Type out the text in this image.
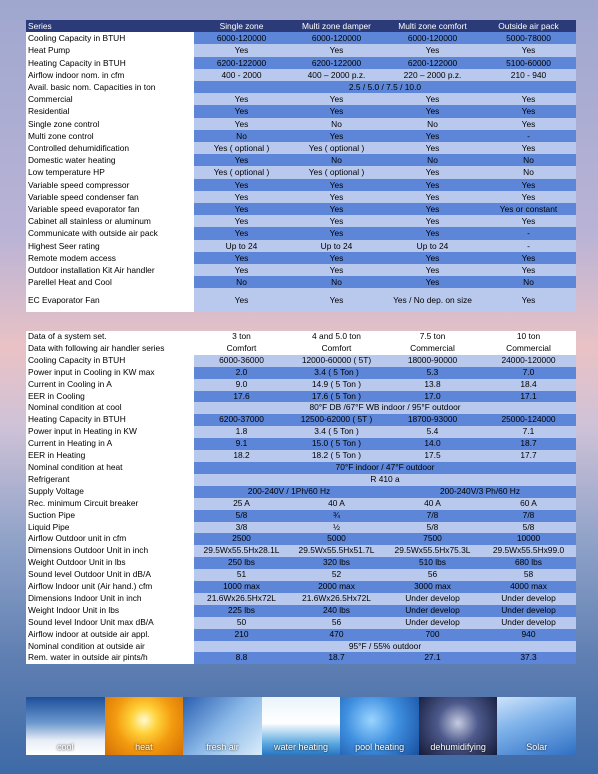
Series	Single zone	Multi zone damper	Multi zone comfort	Outside air pack
Cooling Capacity in BTUH	6000-120000	6000-120000	6000-120000	5000-78000
Heat Pump	Yes	Yes	Yes	Yes
Heating Capacity in BTUH	6200-122000	6200-122000	6200-122000	5100-60000
Airflow indoor nom. in cfm	400 - 2000	400 – 2000 p.z.	220 – 2000 p.z.	210 - 940
Avail. basic nom. Capacities in ton	2.5 / 5.0 / 7.5 / 10.0			
Commercial	Yes	Yes	Yes	Yes
Residential	Yes	Yes	Yes	Yes
Single zone control	Yes	No	No	Yes
Multi zone control	No	Yes	Yes	-
Controlled dehumidification	Yes ( optional )	Yes ( optional )	Yes	Yes
Domestic water heating	Yes	No	No	No
Low temperature HP	Yes ( optional )	Yes ( optional )	Yes	No
Variable speed compressor	Yes	Yes	Yes	Yes
Variable speed condenser fan	Yes	Yes	Yes	Yes
Variable speed evaporator fan	Yes	Yes	Yes	Yes or constant
Cabinet all stainless or aluminum	Yes	Yes	Yes	Yes
Communicate with outside air pack	Yes	Yes	Yes	-
Highest Seer rating	Up to 24	Up to 24	Up to 24	-
Remote modem access	Yes	Yes	Yes	Yes
Outdoor installation Kit Air handler	Yes	Yes	Yes	Yes
Parellel Heat and Cool	No	No	Yes	No
EC Evaporator Fan	Yes	Yes	Yes / No dep. on size	Yes
Data of a system set.	3 ton	4 and 5.0 ton	7.5 ton	10 ton
Data with following air handler series	Comfort	Comfort	Commercial	Commercial
Cooling Capacity in BTUH	6000-36000	12000-60000 ( 5T)	18000-90000	24000-120000
Power input in Cooling in KW max	2.0	3.4 ( 5 Ton )	5.3	7.0
Current in Cooling in A	9.0	14.9 ( 5 Ton )	13.8	18.4
EER in Cooling	17.6	17.6 ( 5 Ton )	17.0	17.1
Nominal condition at cool	80°F DB /67°F WB indoor / 95°F outdoor			
Heating Capacity in BTUH	6200-37000	12500-62000 ( 5T )	18700-93000	25000-124000
Power input in Heating in KW	1.8	3.4 ( 5 Ton )	5.4	7.1
Current in Heating in A	9.1	15.0 ( 5 Ton )	14.0	18.7
EER in Heating	18.2	18.2 ( 5 Ton )	17.5	17.7
Nominal condition at heat	70°F indoor / 47°F outdoor			
Refrigerant	R 410 a			
Supply Voltage	200-240V / 1Ph/60 Hz		200-240V/3 Ph/60 Hz	
Rec. minimum Circuit breaker	25 A	40 A	40 A	60 A
Suction Pipe	5/8	¾	7/8	7/8
Liquid Pipe	3/8	½	5/8	5/8
Airflow Outdoor unit in cfm	2500	5000	7500	10000
Dimensions Outdoor Unit in inch	29.5Wx55.5Hx28.1L	29.5Wx55.5Hx51.7L	29.5Wx55.5Hx75.3L	29.5Wx55.5Hx99.0
Weight Outdoor Unit in lbs	250 lbs	320 lbs	510 lbs	680 lbs
Sound level Outdoor Unit in dB/A	51	52	56	58
Airflow Indoor unit (Air hand.) cfm	1000 max	2000 max	3000 max	4000 max
Dimensions Indoor Unit in inch	21.6Wx26.5Hx72L	21.6Wx26.5Hx72L	Under develop	Under develop
Weight Indoor Unit in lbs	225 lbs	240 lbs	Under develop	Under develop
Sound level Indoor Unit max dB/A	50	56	Under develop	Under develop
Airflow indoor at outside air appl.	210	470	700	940
Nominal condition at outside air	95°F / 55% outdoor			
Rem. water in outside air pints/h	8.8	18.7	27.1	37.3
cool	heat	fresh air	water heating	pool heating	dehumidifying	Solar
